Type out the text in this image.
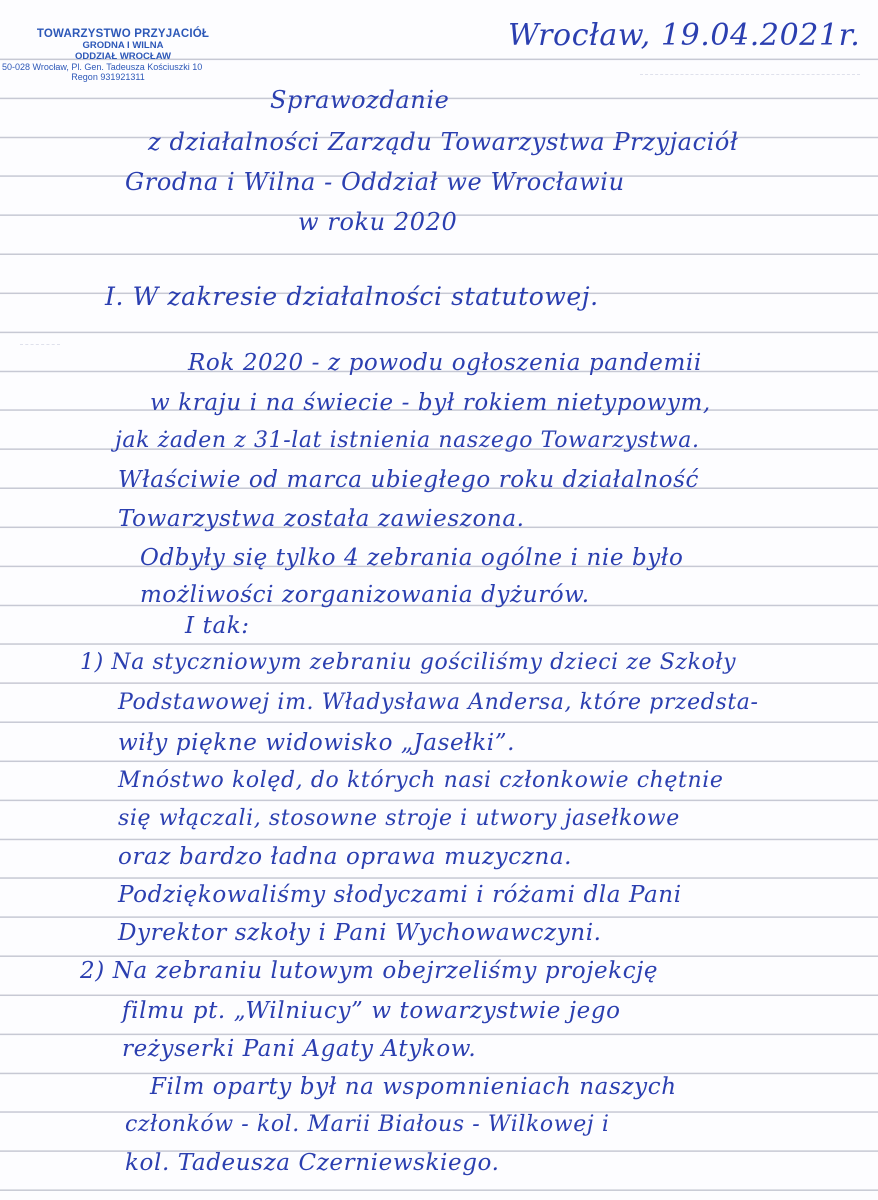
TOWARZYSTWO PRZYJACIÓŁ
GRODNA I WILNA
ODDZIAŁ WROCŁAW
50-028 Wrocław, Pl. Gen. Tadeusza Kościuszki 10
Regon 931921311
Wrocław, 19.04.2021r.
Sprawozdanie
z działalności Zarządu Towarzystwa Przyjaciół
Grodna i Wilna - Oddział we Wrocławiu
w roku 2020
I. W zakresie działalności statutowej.
Rok 2020 - z powodu ogłoszenia pandemii
w kraju i na świecie - był rokiem nietypowym,
jak żaden z 31-lat istnienia naszego Towarzystwa.
Właściwie od marca ubiegłego roku działalność
Towarzystwa została zawieszona.
Odbyły się tylko 4 zebrania ogólne i nie było
możliwości zorganizowania dyżurów.
I tak:
1) Na styczniowym zebraniu gościliśmy dzieci ze Szkoły
Podstawowej im. Władysława Andersa, które przedsta-
wiły piękne widowisko „Jasełki”.
Mnóstwo kolęd, do których nasi członkowie chętnie
się włączali, stosowne stroje i utwory jasełkowe
oraz bardzo ładna oprawa muzyczna.
Podziękowaliśmy słodyczami i różami dla Pani
Dyrektor szkoły i Pani Wychowawczyni.
2) Na zebraniu lutowym obejrzeliśmy projekcję
filmu pt. „Wilniucy” w towarzystwie jego
reżyserki Pani Agaty Atykow.
Film oparty był na wspomnieniach naszych
członków - kol. Marii Białous - Wilkowej i
kol. Tadeusza Czerniewskiego.
